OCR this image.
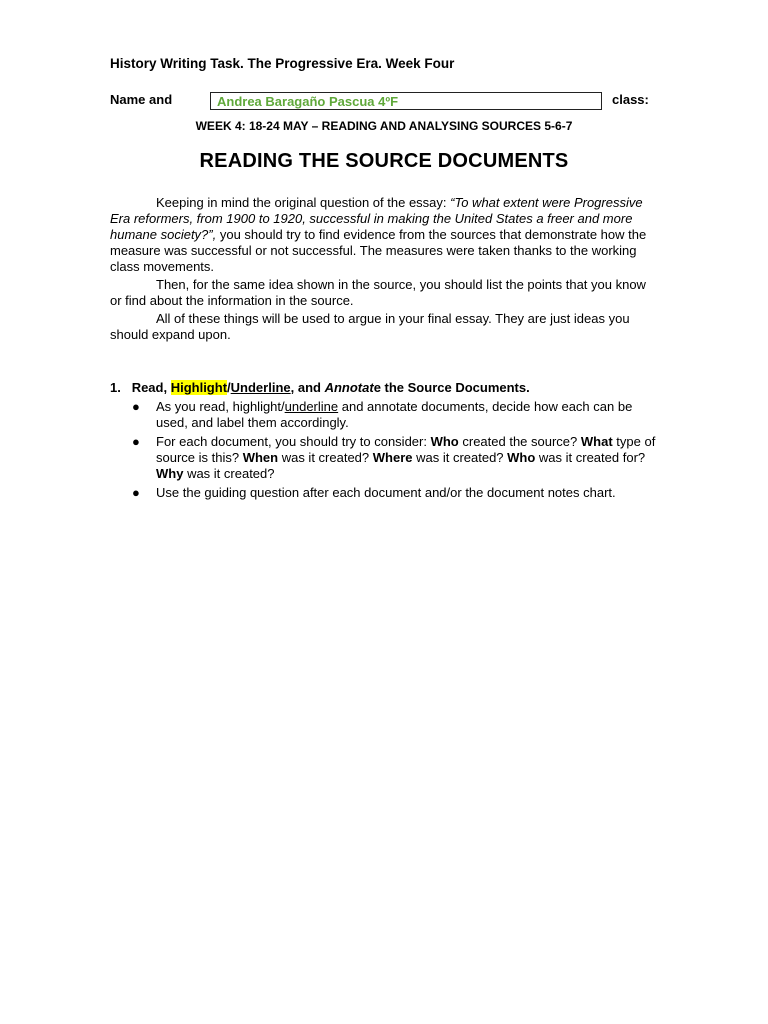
History Writing Task. The Progressive Era. Week Four
Name and	Andrea Baragaño Pascua 4ºF	class:
WEEK 4: 18-24 MAY – READING AND ANALYSING SOURCES 5-6-7
READING THE SOURCE DOCUMENTS
Keeping in mind the original question of the essay: “To what extent were Progressive Era reformers, from 1900 to 1920, successful in making the United States a freer and more humane society?”, you should try to find evidence from the sources that demonstrate how the measure was successful or not successful. The measures were taken thanks to the working class movements.
Then, for the same idea shown in the source, you should list the points that you know or find about the information in the source.
All of these things will be used to argue in your final essay. They are just ideas you should expand upon.
1. Read, Highlight/Underline, and Annotate the Source Documents.
● As you read, highlight/underline and annotate documents, decide how each can be used, and label them accordingly.
● For each document, you should try to consider: Who created the source? What type of source is this? When was it created? Where was it created? Who was it created for? Why was it created?
● Use the guiding question after each document and/or the document notes chart.
